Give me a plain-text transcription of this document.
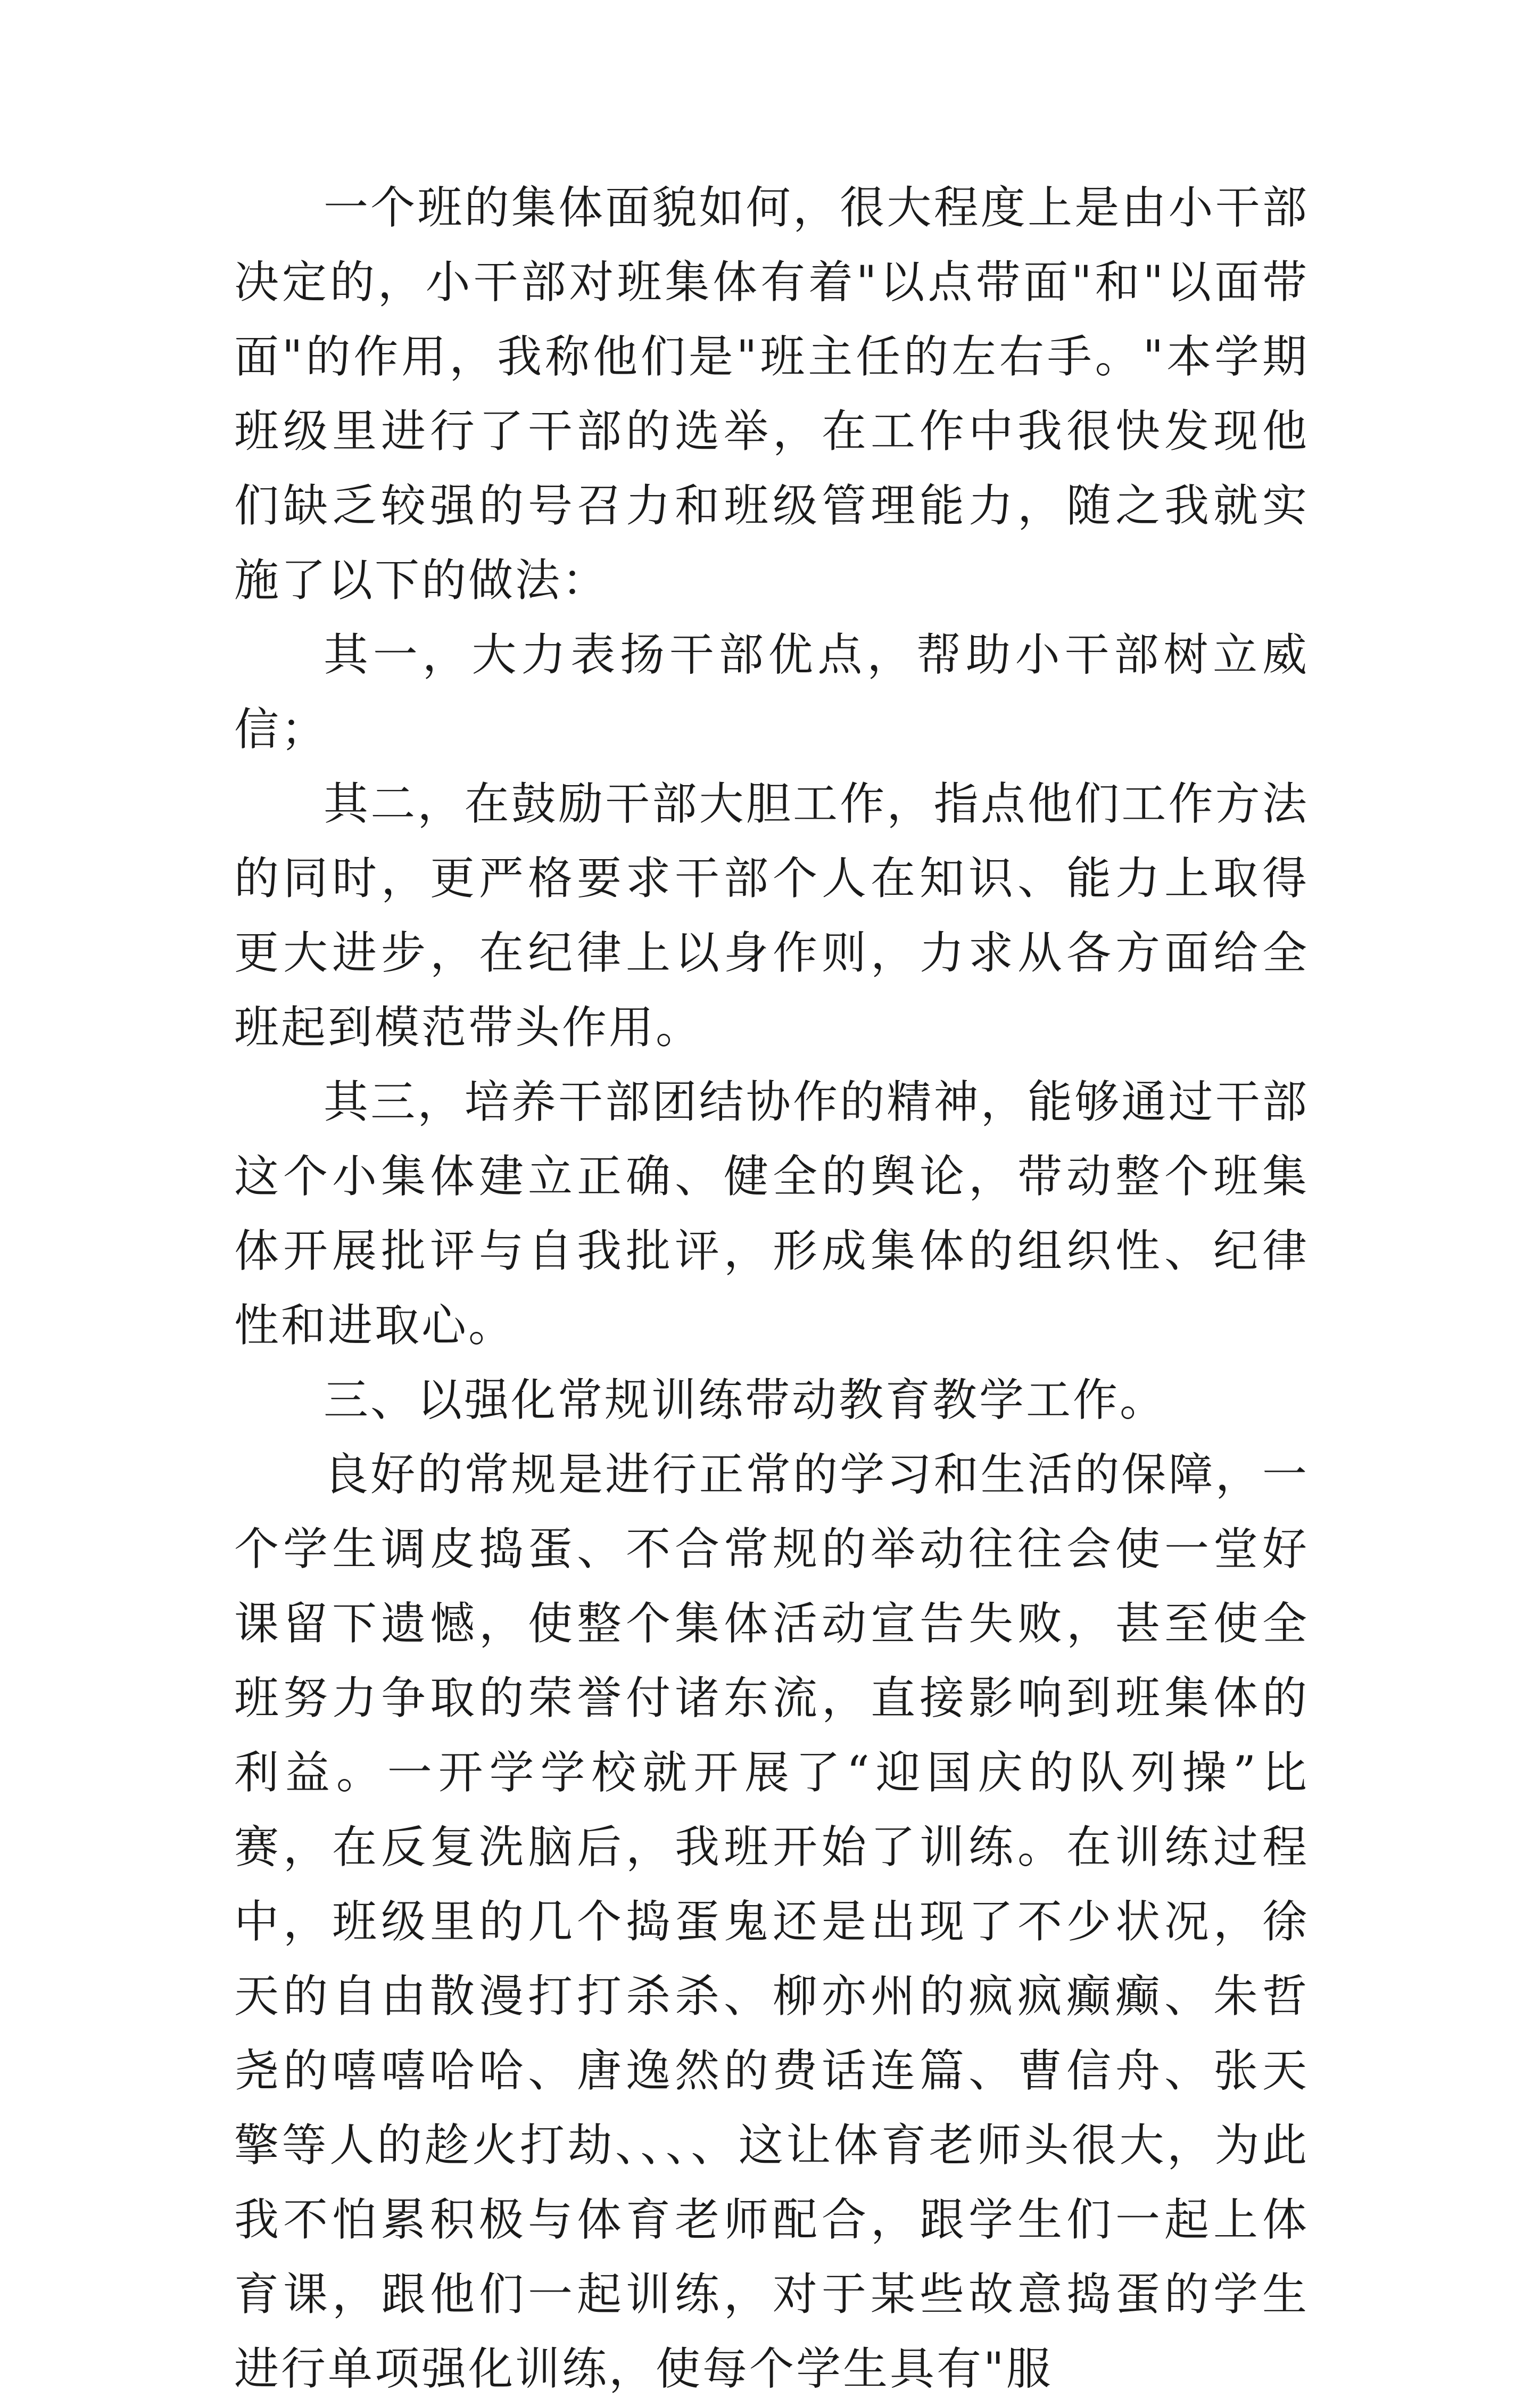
一个班的集体面貌如何，很大程度上是由小干部决定的，小干部对班集体有着"以点带面"和"以面带面"的作用，我称他们是"班主任的左右手。"本学期班级里进行了干部的选举，在工作中我很快发现他们缺乏较强的号召力和班级管理能力，随之我就实施了以下的做法：

其一，大力表扬干部优点，帮助小干部树立威信；

其二，在鼓励干部大胆工作，指点他们工作方法的同时，更严格要求干部个人在知识、能力上取得更大进步，在纪律上以身作则，力求从各方面给全班起到模范带头作用。

其三，培养干部团结协作的精神，能够通过干部这个小集体建立正确、健全的舆论，带动整个班集体开展批评与自我批评，形成集体的组织性、纪律性和进取心。

三、以强化常规训练带动教育教学工作。

良好的常规是进行正常的学习和生活的保障，一个学生调皮捣蛋、不合常规的举动往往会使一堂好课留下遗憾，使整个集体活动宣告失败，甚至使全班努力争取的荣誉付诸东流，直接影响到班集体的利益。一开学学校就开展了“迎国庆的队列操”比赛，在反复洗脑后，我班开始了训练。在训练过程中，班级里的几个捣蛋鬼还是出现了不少状况，徐天的自由散漫打打杀杀、柳亦州的疯疯癫癫、朱哲尧的嘻嘻哈哈、唐逸然的费话连篇、曹信舟、张天擎等人的趁火打劫、、、、这让体育老师头很大，为此我不怕累积极与体育老师配合，跟学生们一起上体育课，跟他们一起训练，对于某些故意捣蛋的学生进行单项强化训练，使每个学生具有"服
